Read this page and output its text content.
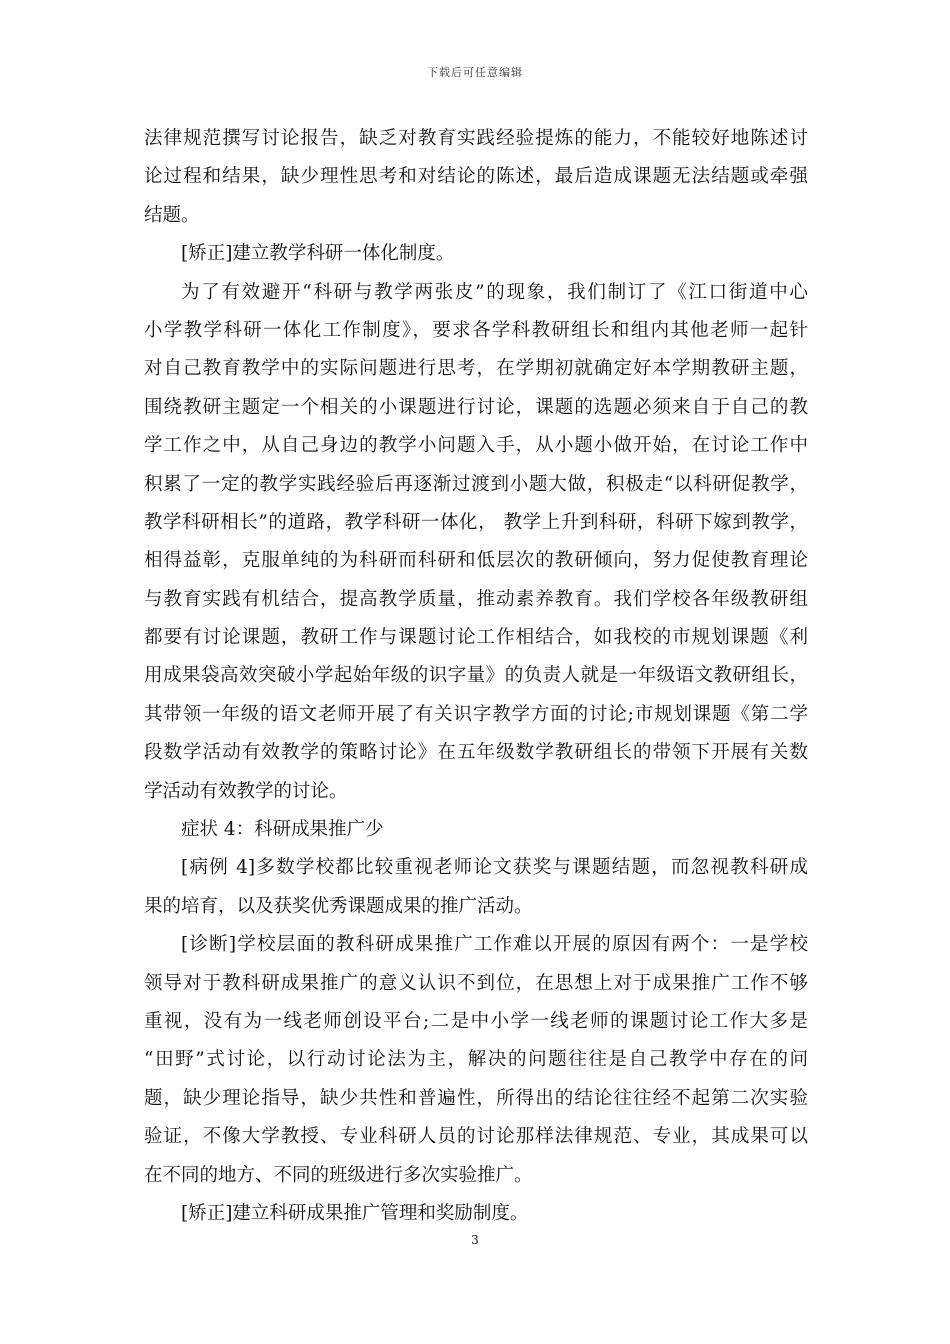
下载后可任意编辑
法律规范撰写讨论报告，缺乏对教育实践经验提炼的能力，不能较好地陈述讨
论过程和结果，缺少理性思考和对结论的陈述，最后造成课题无法结题或牵强
结题。
[矫正]建立教学科研一体化制度。
为了有效避开“科研与教学两张皮”的现象，我们制订了《江口街道中心
小学教学科研一体化工作制度》，要求各学科教研组长和组内其他老师一起针
对自己教育教学中的实际问题进行思考，在学期初就确定好本学期教研主题，
围绕教研主题定一个相关的小课题进行讨论，课题的选题必须来自于自己的教
学工作之中，从自己身边的教学小问题入手，从小题小做开始，在讨论工作中
积累了一定的教学实践经验后再逐渐过渡到小题大做，积极走“以科研促教学，
教学科研相长”的道路，教学科研一体化， 教学上升到科研，科研下嫁到教学，
相得益彰，克服单纯的为科研而科研和低层次的教研倾向，努力促使教育理论
与教育实践有机结合，提高教学质量，推动素养教育。我们学校各年级教研组
都要有讨论课题，教研工作与课题讨论工作相结合，如我校的市规划课题《利
用成果袋高效突破小学起始年级的识字量》的负责人就是一年级语文教研组长，
其带领一年级的语文老师开展了有关识字教学方面的讨论;市规划课题《第二学
段数学活动有效教学的策略讨论》在五年级数学教研组长的带领下开展有关数
学活动有效教学的讨论。
症状 4：科研成果推广少
[病例 4]多数学校都比较重视老师论文获奖与课题结题，而忽视教科研成
果的培育，以及获奖优秀课题成果的推广活动。
[诊断]学校层面的教科研成果推广工作难以开展的原因有两个：一是学校
领导对于教科研成果推广的意义认识不到位，在思想上对于成果推广工作不够
重视，没有为一线老师创设平台;二是中小学一线老师的课题讨论工作大多是
“田野”式讨论，以行动讨论法为主，解决的问题往往是自己教学中存在的问
题，缺少理论指导，缺少共性和普遍性，所得出的结论往往经不起第二次实验
验证，不像大学教授、专业科研人员的讨论那样法律规范、专业，其成果可以
在不同的地方、不同的班级进行多次实验推广。
[矫正]建立科研成果推广管理和奖励制度。
3
